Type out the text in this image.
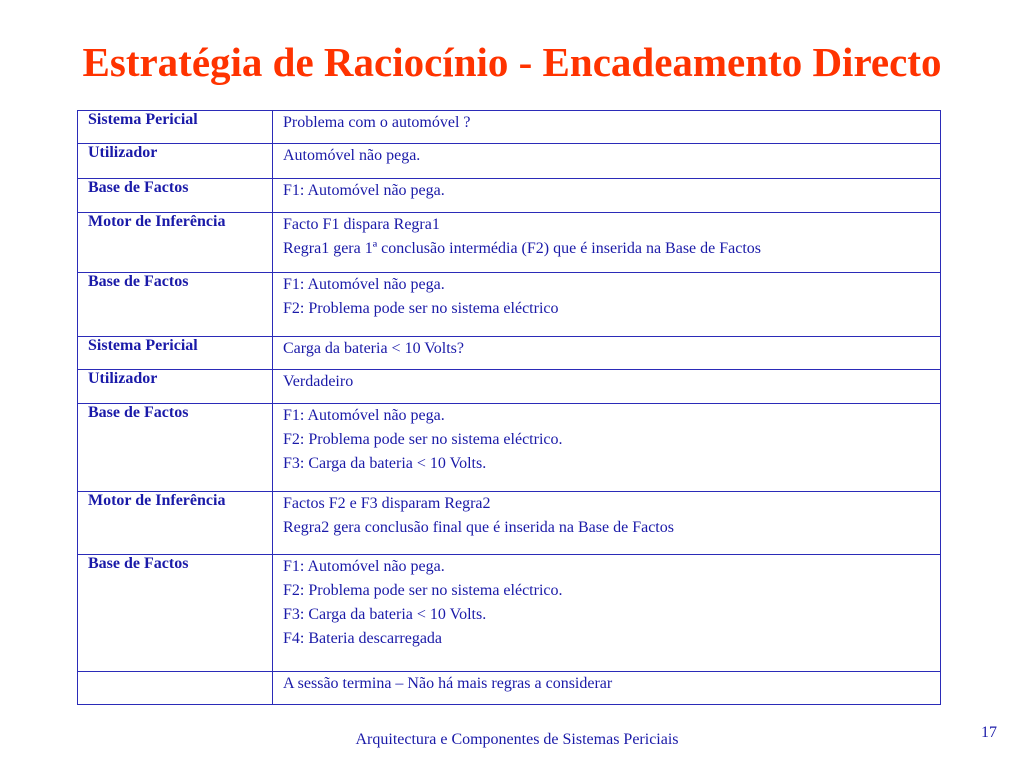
Estratégia de Raciocínio - Encadeamento Directo
Sistema Pericial	Problema com o automóvel ?

Utilizador	Automóvel não pega.

Base de Factos	F1: Automóvel não pega.

Motor de Inferência	Facto F1 dispara Regra1
Regra1 gera 1ª conclusão intermédia (F2) que é inserida na Base de Factos

Base de Factos	F1: Automóvel não pega.
F2: Problema pode ser no sistema eléctrico

Sistema Pericial	Carga da bateria < 10 Volts?

Utilizador	Verdadeiro

Base de Factos	F1: Automóvel não pega.
F2: Problema pode ser no sistema eléctrico.
F3: Carga da bateria < 10 Volts.

Motor de Inferência	Factos F2 e F3 disparam Regra2
Regra2 gera conclusão final que é inserida na Base de Factos

Base de Factos	F1: Automóvel não pega.
F2: Problema pode ser no sistema eléctrico.
F3: Carga da bateria < 10 Volts.
F4: Bateria descarregada

	A sessão termina – Não há mais regras a considerar
Arquitectura e Componentes de Sistemas Periciais	17
